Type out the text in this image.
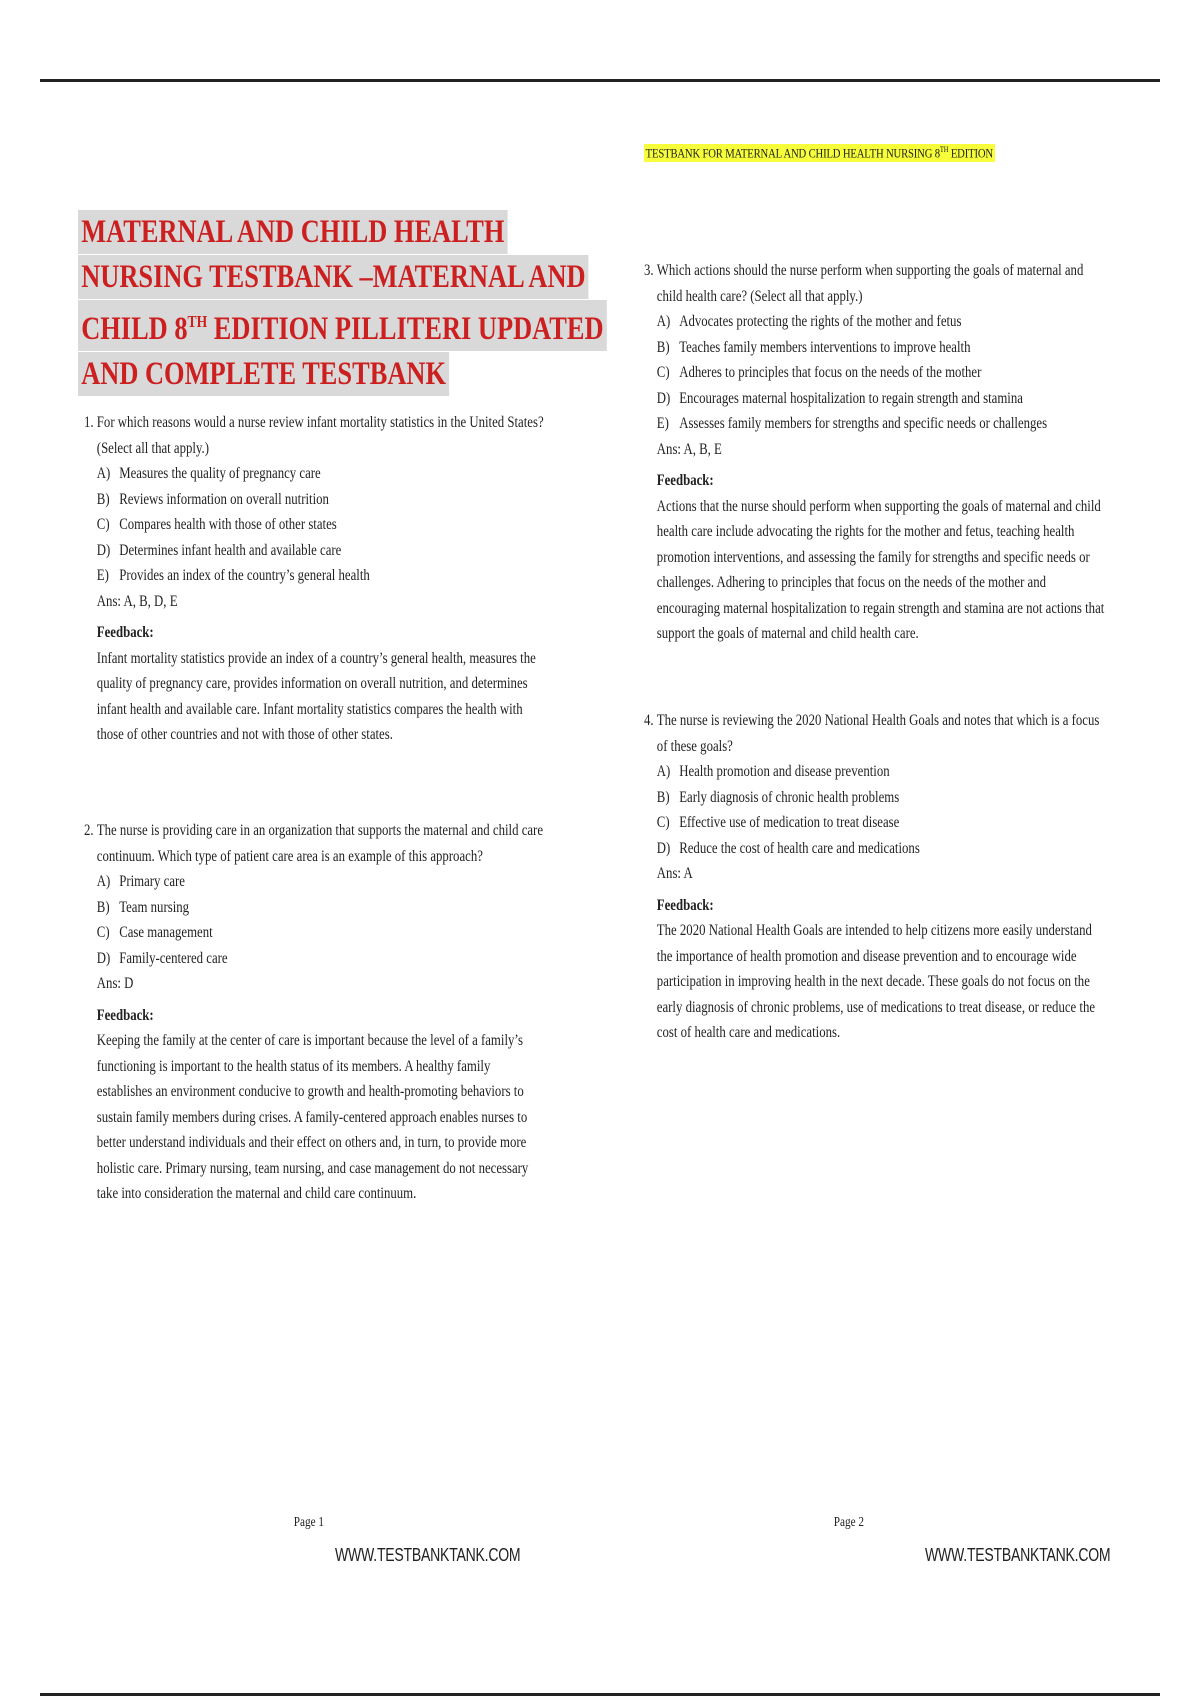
MATERNAL AND CHILD HEALTH
NURSING TESTBANK –MATERNAL AND
CHILD 8TH EDITION PILLITERI UPDATED
AND COMPLETE TESTBANK
1. For which reasons would a nurse review infant mortality statistics in the United States? (Select all that apply.)
A) Measures the quality of pregnancy care
B) Reviews information on overall nutrition
C) Compares health with those of other states
D) Determines infant health and available care
E) Provides an index of the country’s general health
Ans: A, B, D, E
Feedback:
Infant mortality statistics provide an index of a country’s general health, measures the quality of pregnancy care, provides information on overall nutrition, and determines infant health and available care. Infant mortality statistics compares the health with those of other countries and not with those of other states.
2. The nurse is providing care in an organization that supports the maternal and child care continuum. Which type of patient care area is an example of this approach?
A) Primary care
B) Team nursing
C) Case management
D) Family-centered care
Ans: D
Feedback:
Keeping the family at the center of care is important because the level of a family’s functioning is important to the health status of its members. A healthy family establishes an environment conducive to growth and health-promoting behaviors to sustain family members during crises. A family-centered approach enables nurses to better understand individuals and their effect on others and, in turn, to provide more holistic care. Primary nursing, team nursing, and case management do not necessary take into consideration the maternal and child care continuum.
Page 1
WWW.TESTBANKTANK.COM
TESTBANK FOR MATERNAL AND CHILD HEALTH NURSING 8TH EDITION
3. Which actions should the nurse perform when supporting the goals of maternal and child health care? (Select all that apply.)
A) Advocates protecting the rights of the mother and fetus
B) Teaches family members interventions to improve health
C) Adheres to principles that focus on the needs of the mother
D) Encourages maternal hospitalization to regain strength and stamina
E) Assesses family members for strengths and specific needs or challenges
Ans: A, B, E
Feedback:
Actions that the nurse should perform when supporting the goals of maternal and child health care include advocating the rights for the mother and fetus, teaching health promotion interventions, and assessing the family for strengths and specific needs or challenges. Adhering to principles that focus on the needs of the mother and encouraging maternal hospitalization to regain strength and stamina are not actions that support the goals of maternal and child health care.
4. The nurse is reviewing the 2020 National Health Goals and notes that which is a focus of these goals?
A) Health promotion and disease prevention
B) Early diagnosis of chronic health problems
C) Effective use of medication to treat disease
D) Reduce the cost of health care and medications
Ans: A
Feedback:
The 2020 National Health Goals are intended to help citizens more easily understand the importance of health promotion and disease prevention and to encourage wide participation in improving health in the next decade. These goals do not focus on the early diagnosis of chronic problems, use of medications to treat disease, or reduce the cost of health care and medications.
Page 2
WWW.TESTBANKTANK.COM
